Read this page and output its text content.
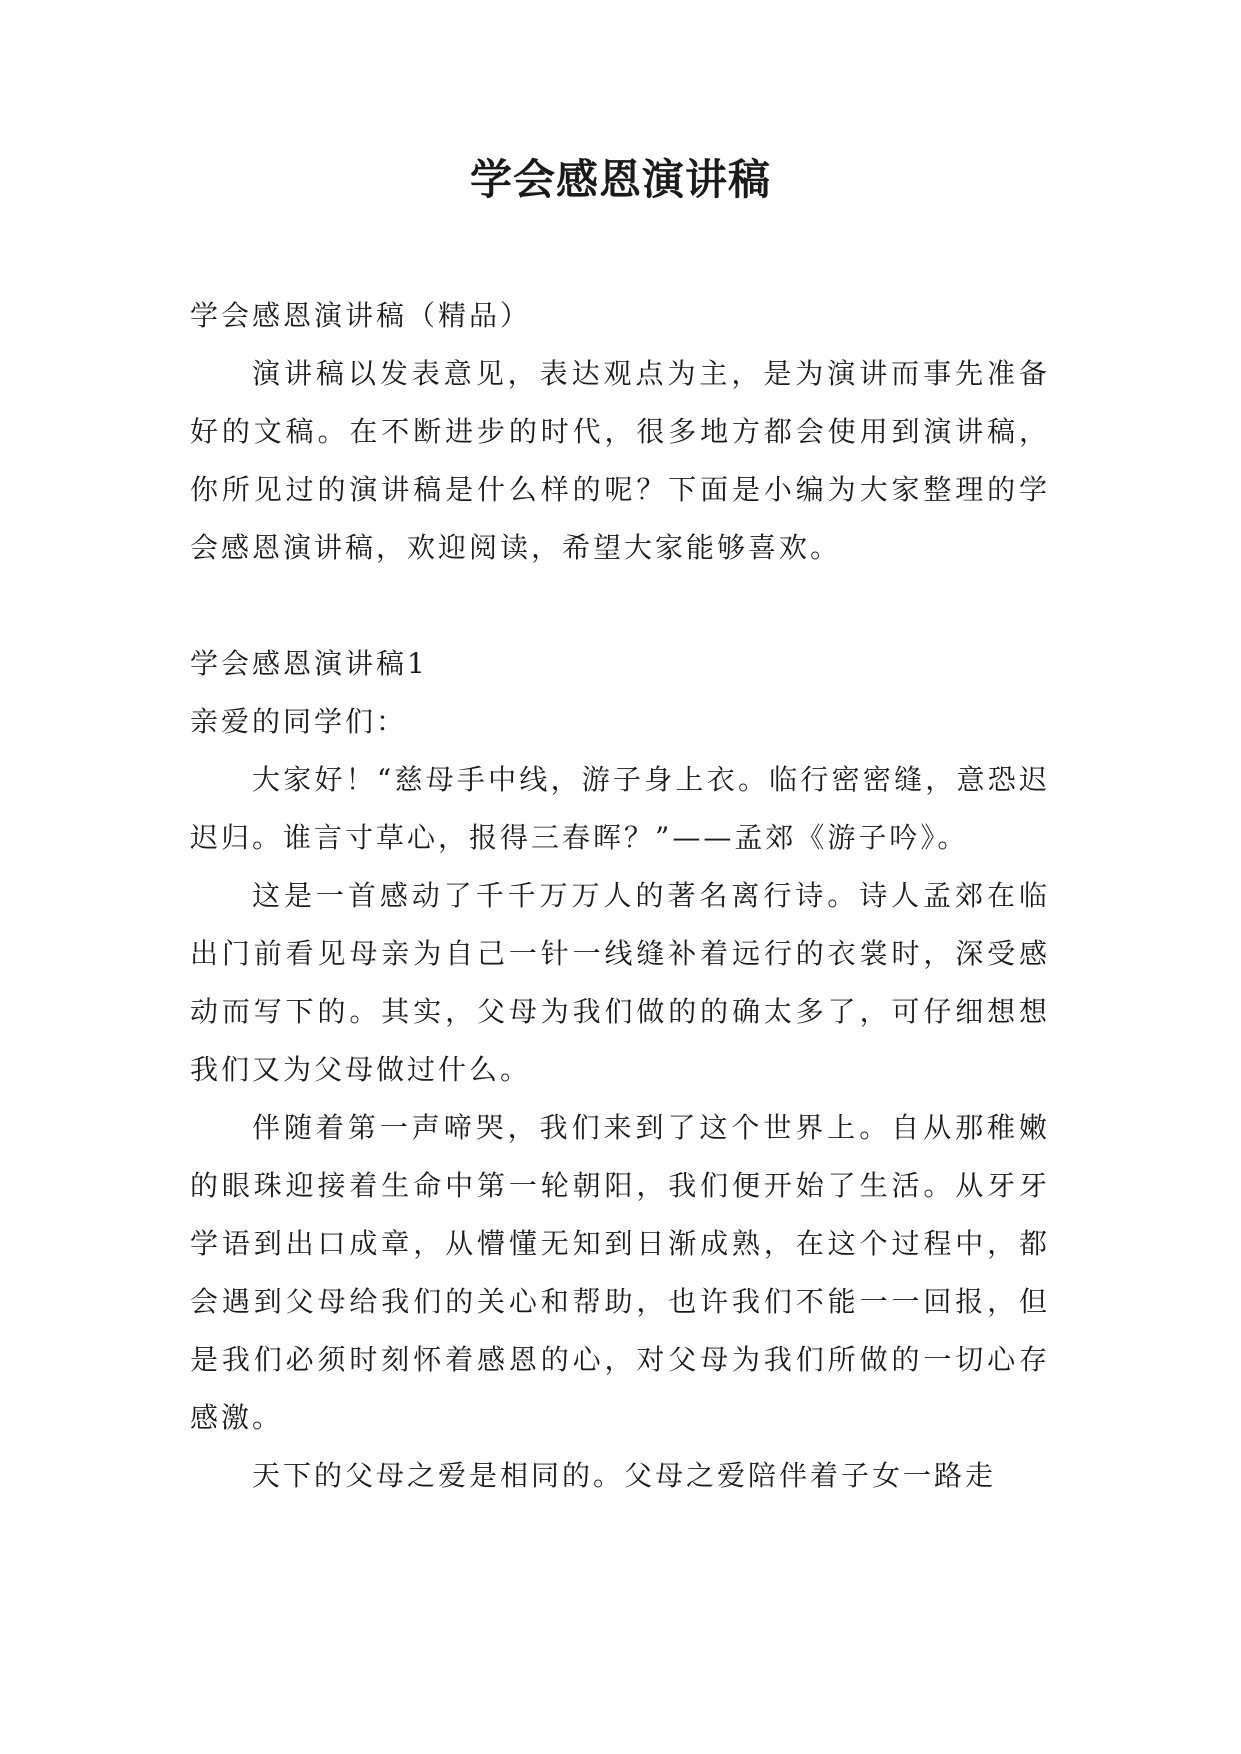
学会感恩演讲稿

学会感恩演讲稿（精品）

演讲稿以发表意见，表达观点为主，是为演讲而事先准备好的文稿。在不断进步的时代，很多地方都会使用到演讲稿，你所见过的演讲稿是什么样的呢？下面是小编为大家整理的学会感恩演讲稿，欢迎阅读，希望大家能够喜欢。

学会感恩演讲稿1

亲爱的同学们：

大家好！“慈母手中线，游子身上衣。临行密密缝，意恐迟迟归。谁言寸草心，报得三春晖？”——孟郊《游子吟》。

这是一首感动了千千万万人的著名离行诗。诗人孟郊在临出门前看见母亲为自己一针一线缝补着远行的衣裳时，深受感动而写下的。其实，父母为我们做的的确太多了，可仔细想想我们又为父母做过什么。

伴随着第一声啼哭，我们来到了这个世界上。自从那稚嫩的眼珠迎接着生命中第一轮朝阳，我们便开始了生活。从牙牙学语到出口成章，从懵懂无知到日渐成熟，在这个过程中，都会遇到父母给我们的关心和帮助，也许我们不能一一回报，但是我们必须时刻怀着感恩的心，对父母为我们所做的一切心存感激。

天下的父母之爱是相同的。父母之爱陪伴着子女一路走
